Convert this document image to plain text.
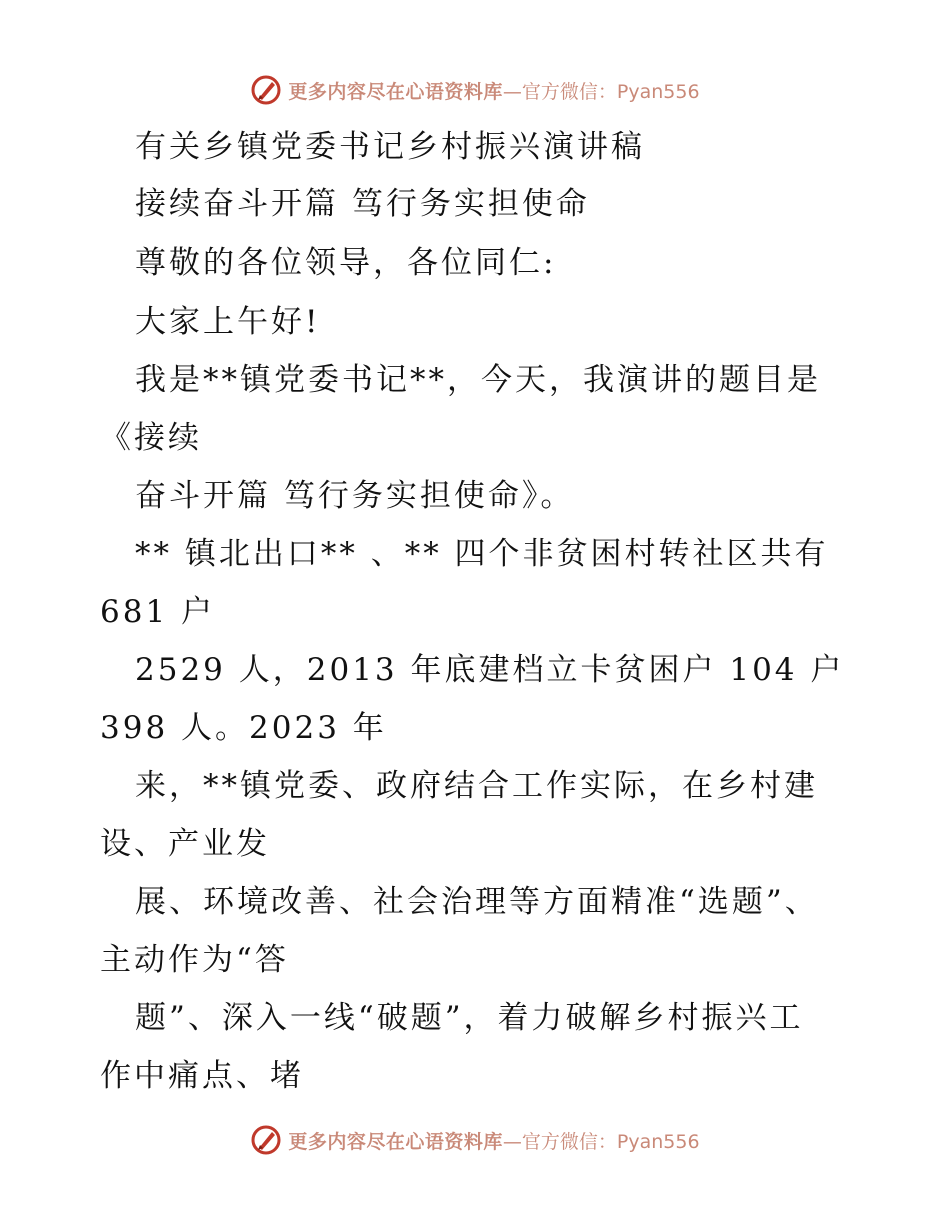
更多内容尽在心语资料库 —官方微信：Pyan556
有关乡镇党委书记乡村振兴演讲稿
接续奋斗开篇 笃行务实担使命
尊敬的各位领导，各位同仁:
大家上午好!
我是**镇党委书记**，今天，我演讲的题目是
《接续
奋斗开篇 笃行务实担使命》。
** 镇北出口** 、** 四个非贫困村转社区共有
681 户
2529 人，2013 年底建档立卡贫困户 104 户
398 人。2023 年
来，**镇党委、政府结合工作实际，在乡村建
设、产业发
展、环境改善、社会治理等方面精准“选题”、
主动作为“答
题”、深入一线“破题”，着力破解乡村振兴工
作中痛点、堵
更多内容尽在心语资料库 —官方微信：Pyan556
